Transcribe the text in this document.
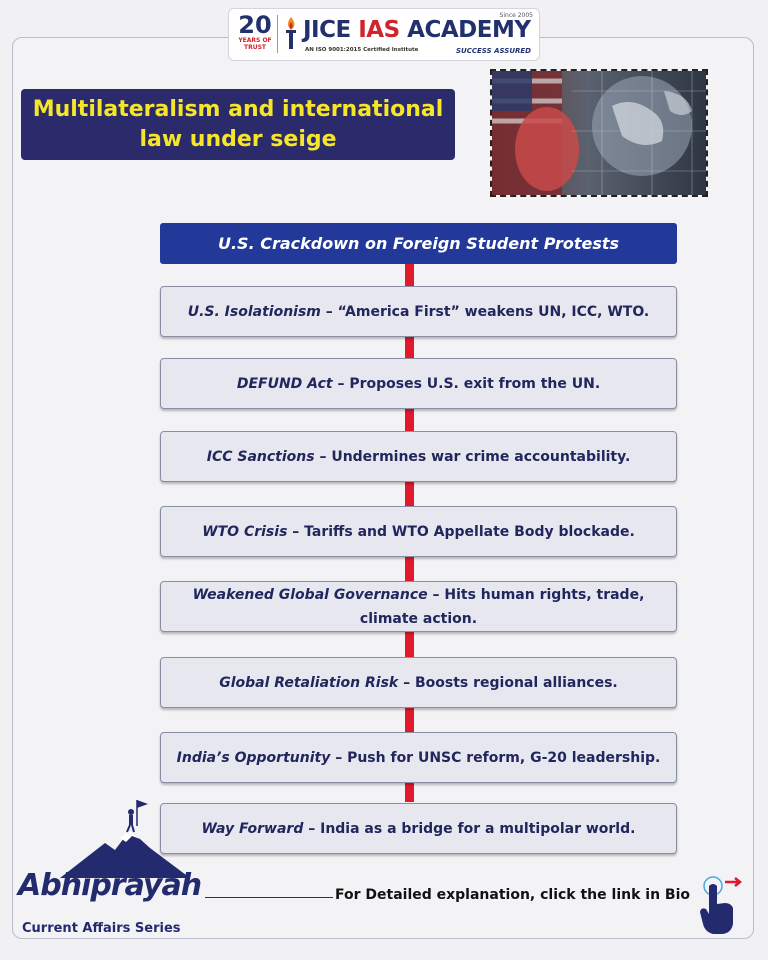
20
YEARS OF TRUST
JICE IAS ACADEMY
Since 2005
AN ISO 9001:2015 Certified Institute	SUCCESS ASSURED
Multilateralism and international
law under seige
U.S. Crackdown on Foreign Student Protests
U.S. Isolationism – “America First” weakens UN, ICC, WTO.
DEFUND Act – Proposes U.S. exit from the UN.
ICC Sanctions – Undermines war crime accountability.
WTO Crisis – Tariffs and WTO Appellate Body blockade.
Weakened Global Governance – Hits human rights, trade, climate action.
Global Retaliation Risk – Boosts regional alliances.
India’s Opportunity – Push for UNSC reform, G-20 leadership.
Way Forward – India as a bridge for a multipolar world.
Abhiprayah
Current Affairs Series
For Detailed explanation, click the link in Bio
